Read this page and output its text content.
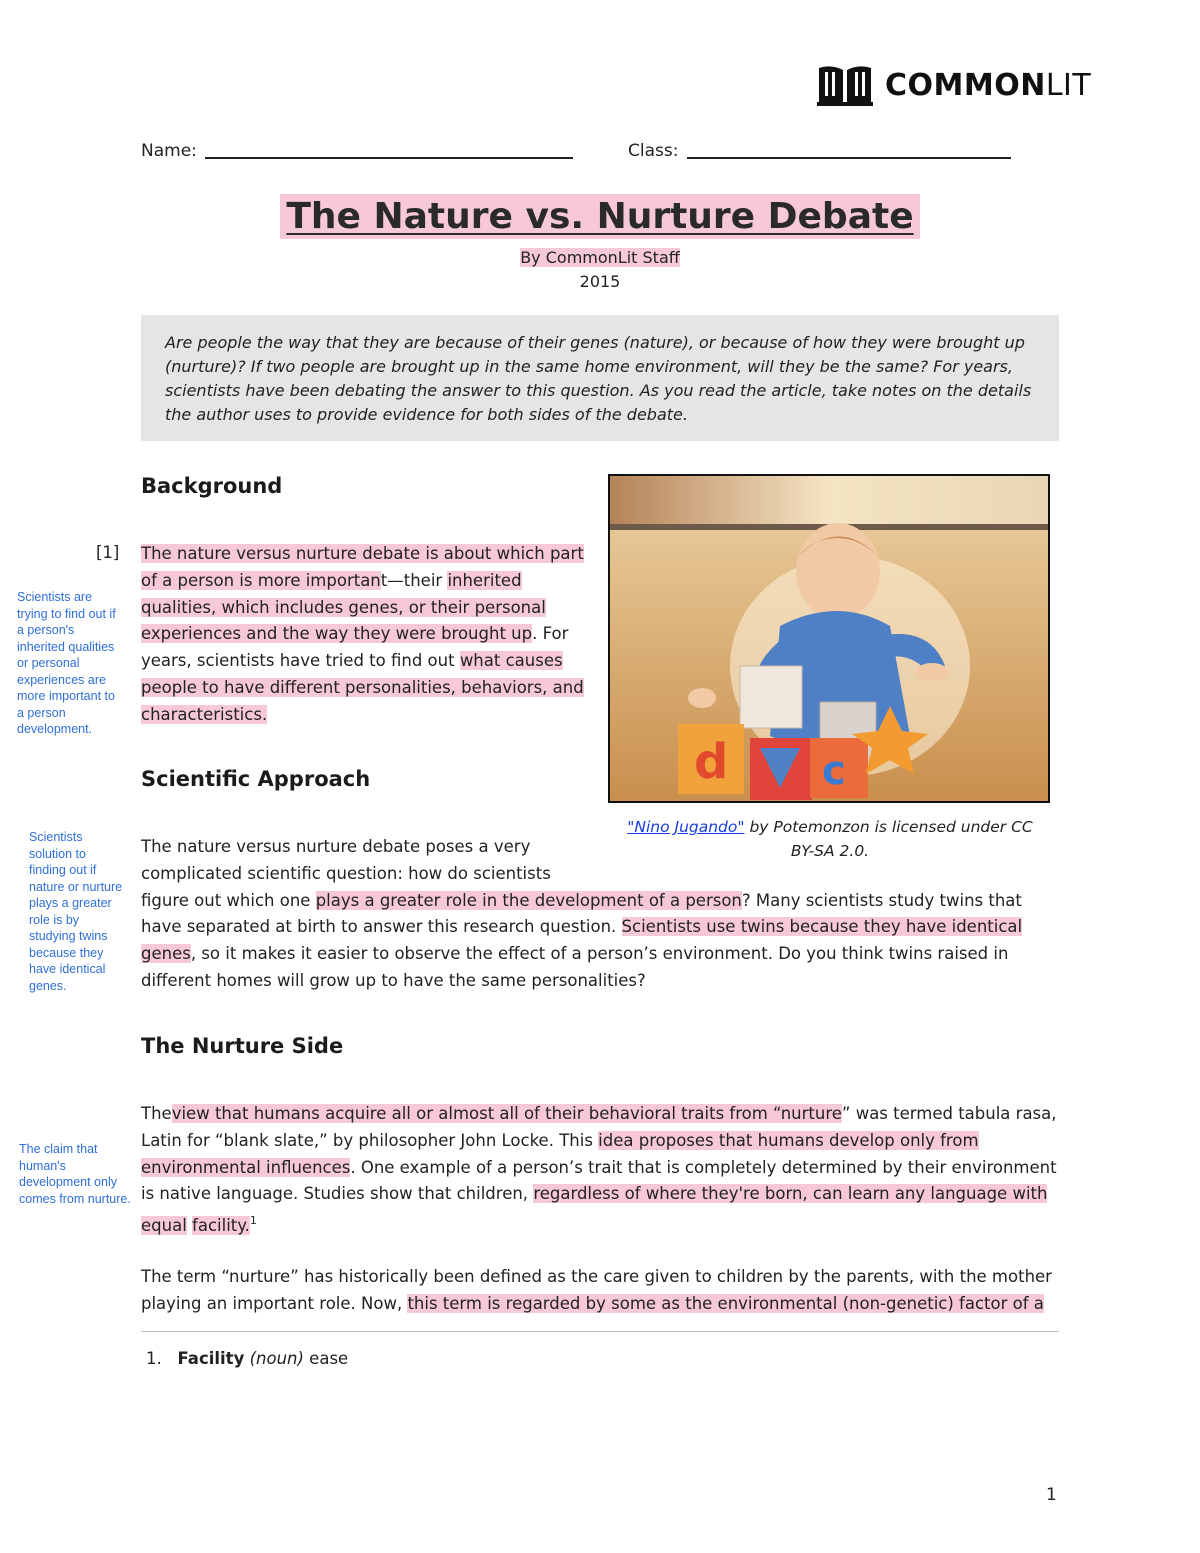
COMMONLIT
Name:	Class:
The Nature vs. Nurture Debate
By CommonLit Staff
2015

Are people the way that they are because of their genes (nature), or because of how they were brought up (nurture)? If two people are brought up in the same home environment, will they be the same? For years, scientists have been debating the answer to this question. As you read the article, take notes on the details the author uses to provide evidence for both sides of the debate.

Background
[1] The nature versus nurture debate is about which part of a person is more important—their inherited qualities, which includes genes, or their personal experiences and the way they were brought up. For years, scientists have tried to find out what causes people to have different personalities, behaviors, and characteristics.

d c
"Nino Jugando" by Potemonzon is licensed under CC BY-SA 2.0.
Scientists are trying to find out if a person's inherited qualities or personal experiences are more important to a person development.
Scientists solution to finding out if nature or nurture plays a greater role is by studying twins because they have identical genes.
The claim that human's development only comes from nurture.
Scientific Approach

The nature versus nurture debate poses a very complicated scientific question: how do scientists figure out which one plays a greater role in the development of a person? Many scientists study twins that have separated at birth to answer this research question. Scientists use twins because they have identical genes, so it makes it easier to observe the effect of a person’s environment. Do you think twins raised in different homes will grow up to have the same personalities?

The Nurture Side

Theview that humans acquire all or almost all of their behavioral traits from “nurture” was termed tabula rasa, Latin for “blank slate,” by philosopher John Locke. This idea proposes that humans develop only from environmental influences. One example of a person’s trait that is completely determined by their environment is native language. Studies show that children, regardless of where they're born, can learn any language with equal facility.$^1$

The term “nurture” has historically been defined as the care given to children by the parents, with the mother playing an important role. Now, this term is regarded by some as the environmental (non-genetic) factor of a

1. Facility (noun) ease
1
